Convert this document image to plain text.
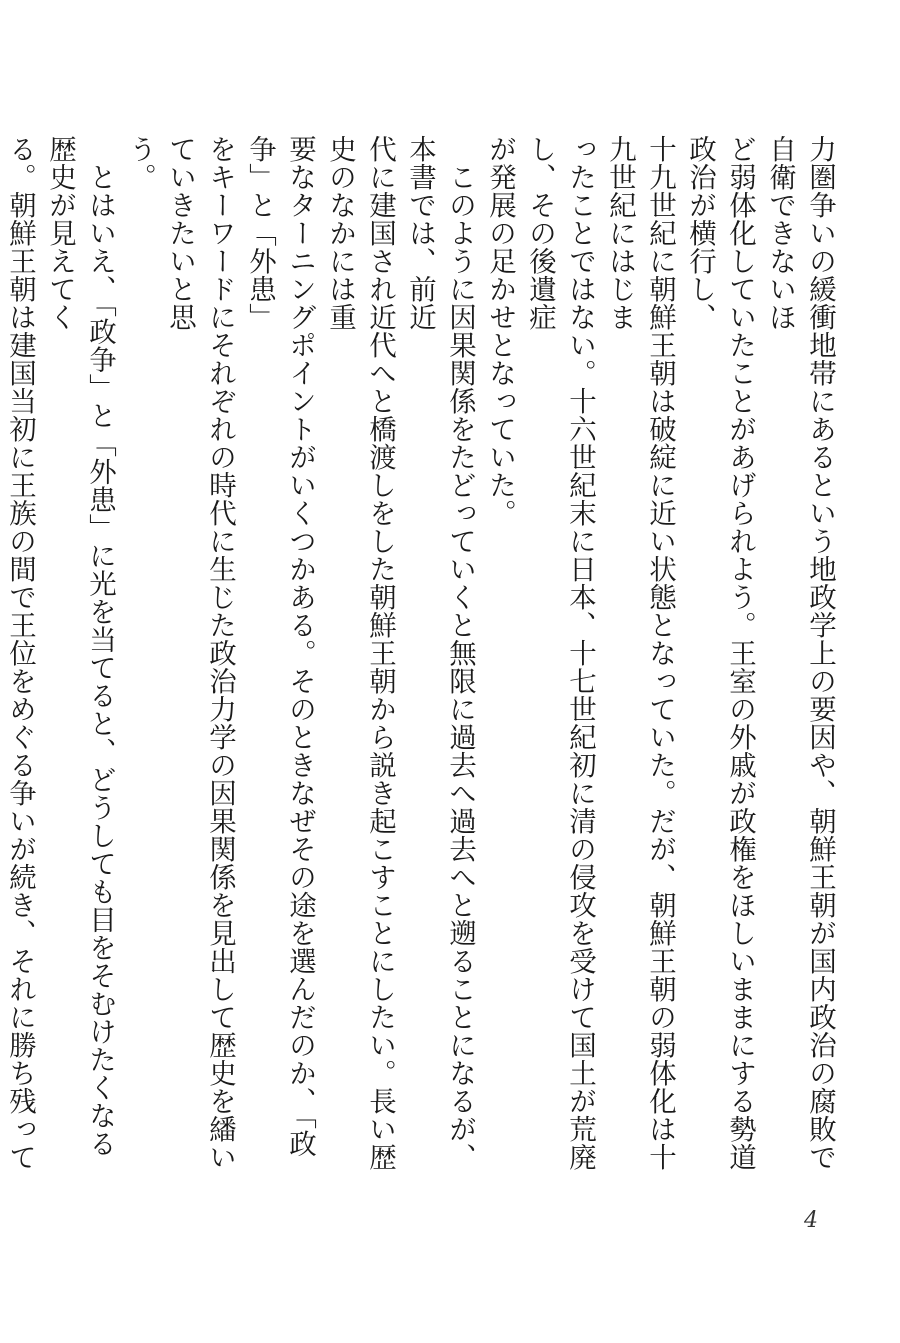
力圏争いの緩衝地帯にあるという地政学上の要因や、朝鮮王朝が国内政治の腐敗で自衛できないほ
ど弱体化していたことがあげられよう。王室の外戚が政権をほしいままにする勢道政治が横行し、
十九世紀に朝鮮王朝は破綻に近い状態となっていた。だが、朝鮮王朝の弱体化は十九世紀にはじま

ったことではない。十六世紀末に日本、十七世紀初に清の侵攻を受けて国土が荒廃し、その後遺症

が発展の足かせとなっていた。

　このように因果関係をたどっていくと無限に過去へ過去へと遡ることになるが、本書では、前近
代に建国され近代へと橋渡しをした朝鮮王朝から説き起こすことにしたい。長い歴史のなかには重
要なターニングポイントがいくつかある。そのときなぜその途を選んだのか、「政争」と「外患」
をキーワードにそれぞれの時代に生じた政治力学の因果関係を見出して歴史を繙いていきたいと思
う。

　とはいえ、「政争」と「外患」に光を当てると、どうしても目をそむけたくなる歴史が見えてく
る。朝鮮王朝は建国当初に王族の間で王位をめぐる争いが続き、それに勝ち残って

4
